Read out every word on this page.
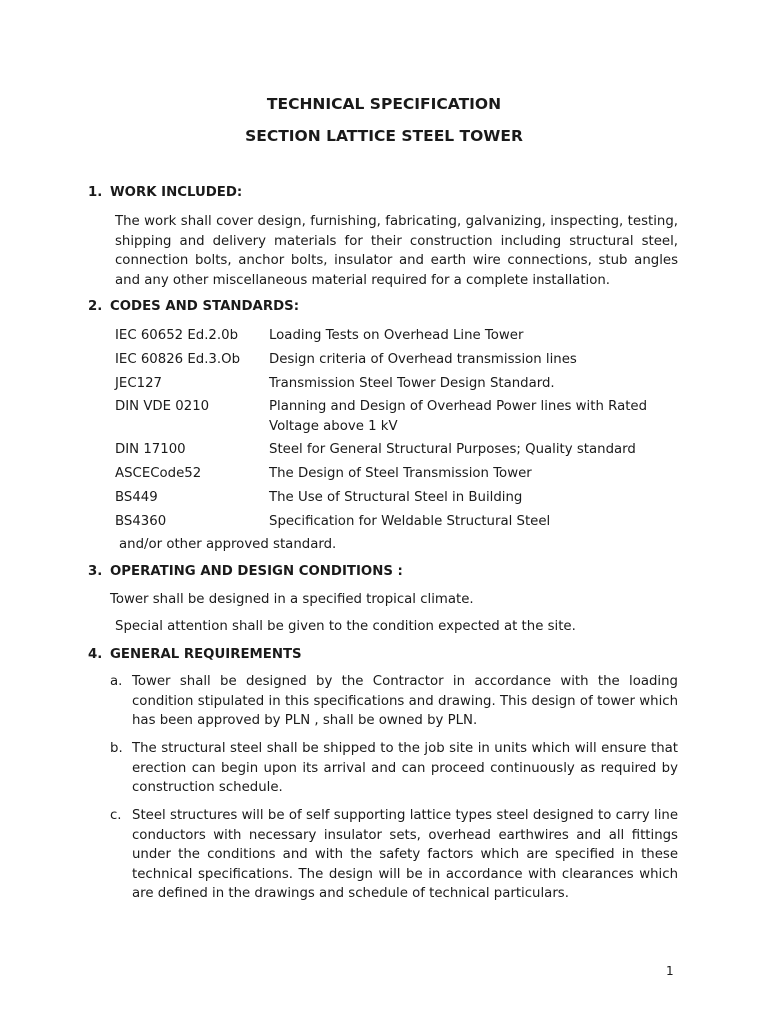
TECHNICAL SPECIFICATION
SECTION LATTICE STEEL TOWER
1. WORK INCLUDED:
The work shall cover design, furnishing, fabricating, galvanizing, inspecting, testing, shipping and delivery materials for their construction including structural steel, connection bolts, anchor bolts, insulator and earth wire connections, stub angles and any other miscellaneous material required for a complete installation.
2. CODES AND STANDARDS:
IEC 60652 Ed.2.0b	Loading Tests on Overhead Line Tower
IEC 60826 Ed.3.Ob	Design criteria of Overhead transmission lines
JEC127	Transmission Steel Tower Design Standard.
DIN VDE 0210	Planning and Design of Overhead Power lines with Rated Voltage above 1 kV
DIN 17100	Steel for General Structural Purposes; Quality standard
ASCECode52	The Design of Steel Transmission Tower
BS449	The Use of Structural Steel in Building
BS4360	Specification for Weldable Structural Steel
and/or other approved standard.
3. OPERATING AND DESIGN CONDITIONS :
Tower shall be designed in a specified tropical climate.
Special attention shall be given to the condition expected at the site.
4. GENERAL REQUIREMENTS
a. Tower shall be designed by the Contractor in accordance with the loading condition stipulated in this specifications and drawing. This design of tower which has been approved by PLN , shall be owned by PLN.
b. The structural steel shall be shipped to the job site in units which will ensure that erection can begin upon its arrival and can proceed continuously as required by construction schedule.
c. Steel structures will be of self supporting lattice types steel designed to carry line conductors with necessary insulator sets, overhead earthwires and all fittings under the conditions and with the safety factors which are specified in these technical specifications. The design will be in accordance with clearances which are defined in the drawings and schedule of technical particulars.
1
